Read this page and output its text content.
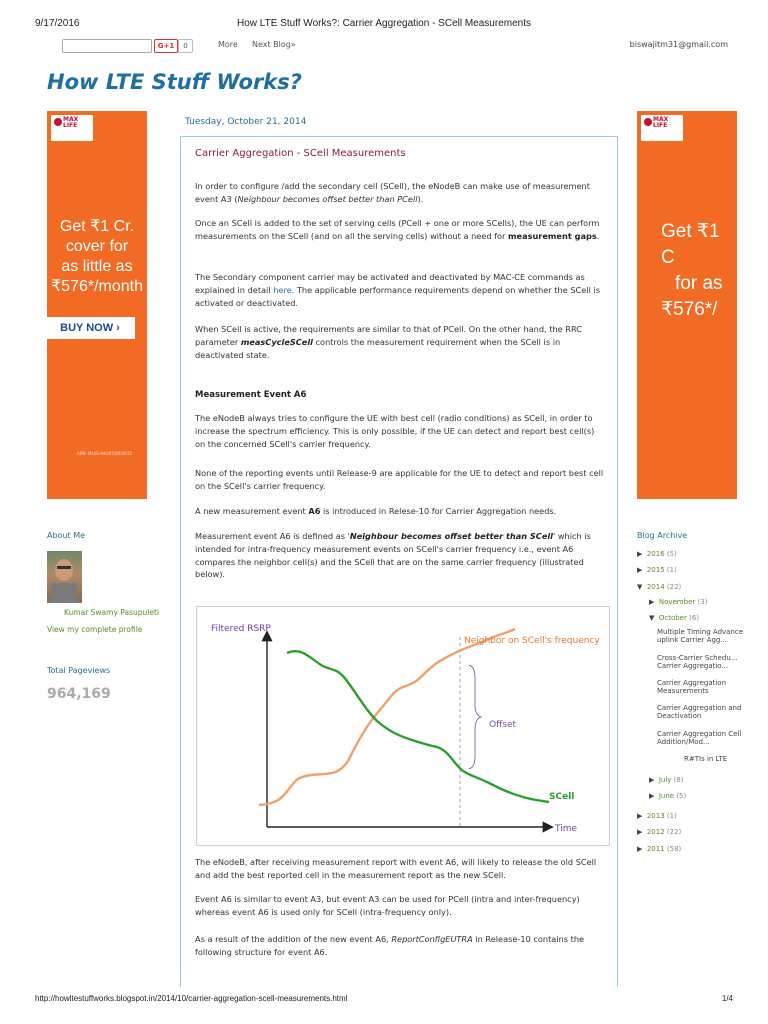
9/17/2016	How LTE Stuff Works?: Carrier Aggregation - SCell Measurements
G+1	0	More Next Blog»	biswajitm31@gmail.com
How LTE Stuff Works?
MAX LIFE
Get ₹1 Cr.
cover for
as little as
₹576*/month
BUY NOW ›
ARN: MLI/E-Ads/07/09/2015
MAX LIFE
Get ₹1 C
for as
₹576*/
Tuesday, October 21, 2014
Carrier Aggregation - SCell Measurements
In order to configure /add the secondary cell (SCell), the eNodeB can make use of measurement event A3 (Neighbour becomes offset better than PCell).
Once an SCell is added to the set of serving cells (PCell + one or more SCells), the UE can perform measurements on the SCell (and on all the serving cells) without a need for measurement gaps.
The Secondary component carrier may be activated and deactivated by MAC-CE commands as explained in detail here. The applicable performance requirements depend on whether the SCell is activated or deactivated.
When SCell is active, the requirements are similar to that of PCell. On the other hand, the RRC parameter measCycleSCell controls the measurement requirement when the SCell is in deactivated state.
Measurement Event A6
The eNodeB always tries to configure the UE with best cell (radio conditions) as SCell, in order to increase the spectrum efficiency. This is only possible, if the UE can detect and report best cell(s) on the concerned SCell's carrier frequency.
None of the reporting events until Release-9 are applicable for the UE to detect and report best cell on the SCell's carrier frequency.
A new measurement event A6 is introduced in Relese-10 for Carrier Aggregation needs.
Measurement event A6 is defined as 'Neighbour becomes offset better than SCell' which is intended for intra-frequency measurement events on SCell's carrier frequency i.e., event A6 compares the neighbor cell(s) and the SCell that are on the same carrier frequency (illustrated below).
Filtered RSRP
Time
Neighbor on SCell's frequency
Offset
SCell
The eNodeB, after receiving measurement report with event A6, will likely to release the old SCell and add the best reported cell in the measurement report as the new SCell.
Event A6 is similar to event A3, but event A3 can be used for PCell (intra and inter-frequency) whereas event A6 is used only for SCell (intra-frequency only).
As a result of the addition of the new event A6, ReportConfigEUTRA in Release-10 contains the following structure for event A6.
About Me
Kumar Swamy Pasupuleti
View my complete profile
Total Pageviews
964,169
Blog Archive
▶ 2016 (5)
▶ 2015 (1)
▼ 2014 (22)
▶ November (3)
▼ October (6)
Multiple Timing Advance uplink Carrier Agg...
Cross-Carrier Schedu... Carrier Aggregatio...
Carrier Aggregation Measurements
Carrier Aggregation and Deactivation
Carrier Aggregation Cell Addition/Mod...
R#TIs in LTE
▶ July (8)
▶ June (5)
▶ 2013 (1)
▶ 2012 (22)
▶ 2011 (58)
http://howltestuffworks.blogspot.in/2014/10/carrier-aggregation-scell-measurements.html	1/4
